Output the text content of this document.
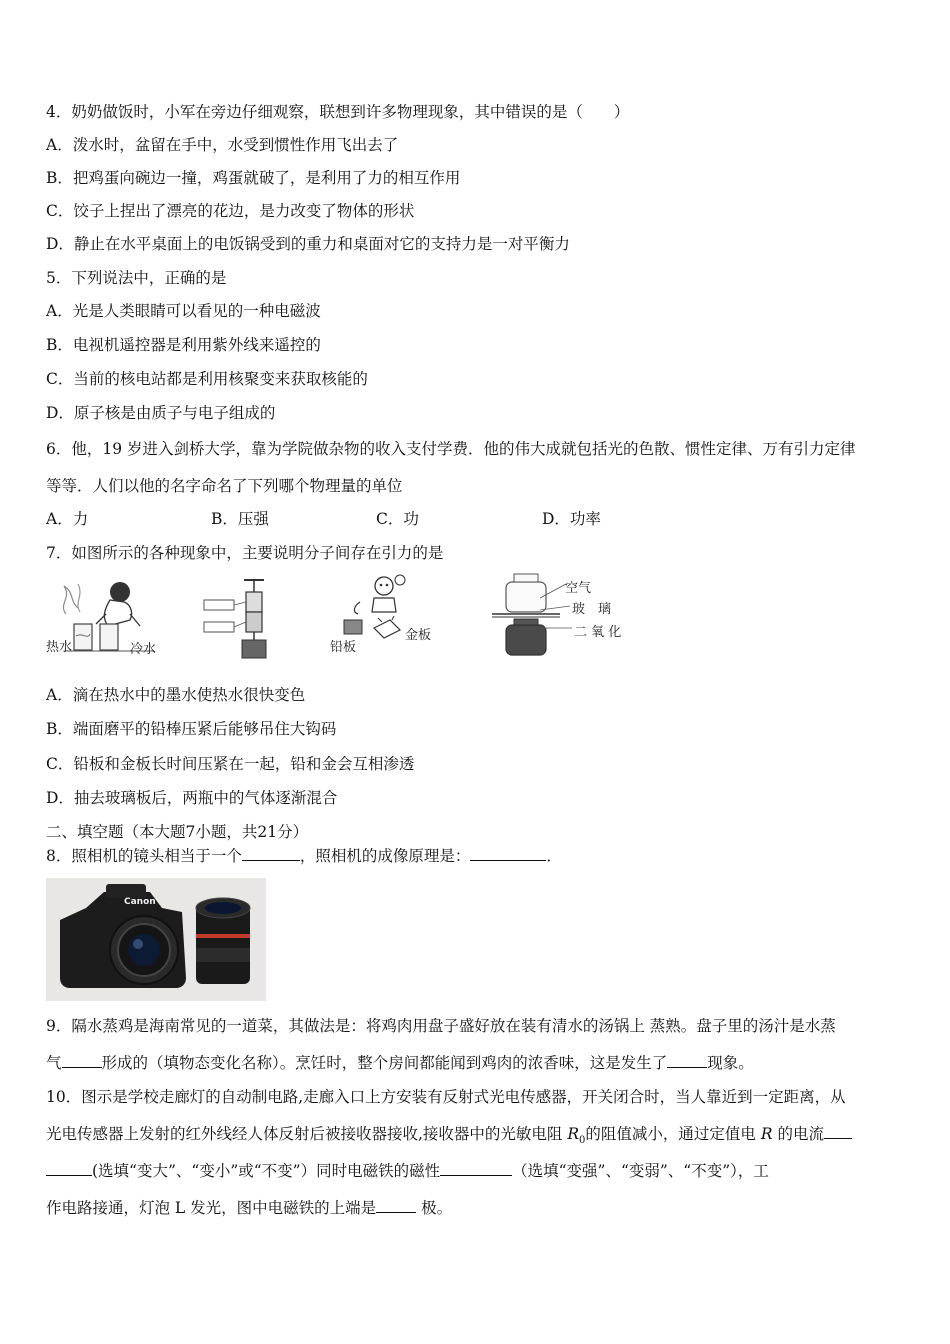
4．奶奶做饭时，小军在旁边仔细观察，联想到许多物理现象，其中错误的是（　　）
A．泼水时，盆留在手中，水受到惯性作用飞出去了
B．把鸡蛋向碗边一撞，鸡蛋就破了，是利用了力的相互作用
C．饺子上捏出了漂亮的花边，是力改变了物体的形状
D．静止在水平桌面上的电饭锅受到的重力和桌面对它的支持力是一对平衡力
5．下列说法中，正确的是
A．光是人类眼睛可以看见的一种电磁波
B．电视机遥控器是利用紫外线来遥控的
C．当前的核电站都是利用核聚变来获取核能的
D．原子核是由质子与电子组成的
6．他，19 岁进入剑桥大学，靠为学院做杂物的收入支付学费．他的伟大成就包括光的色散、惯性定律、万有引力定律
等等．人们以他的名字命名了下列哪个物理量的单位
A．力	B．压强	C．功	D．功率
7．如图所示的各种现象中，主要说明分子间存在引力的是
热水	冷水	铅板
金板
空气
玻　璃
二 氧 化
A．滴在热水中的墨水使热水很快变色
B．端面磨平的铅棒压紧后能够吊住大钩码
C．铅板和金板长时间压紧在一起，铅和金会互相渗透
D．抽去玻璃板后，两瓶中的气体逐渐混合
二、填空题（本大题7小题，共21分）
8．照相机的镜头相当于一个	，照相机的成像原理是：	．
Canon
9．隔水蒸鸡是海南常见的一道菜，其做法是：将鸡肉用盘子盛好放在装有清水的汤锅上 蒸熟。盘子里的汤汁是水蒸
气	形成的（填物态变化名称）。烹饪时，整个房间都能闻到鸡肉的浓香味，这是发生了	现象。
10．图示是学校走廊灯的自动制电路,走廊入口上方安装有反射式光电传感器，开关闭合时，当人靠近到一定距离，从
光电传感器上发射的红外线经人体反射后被接收器接收,接收器中的光敏电阻 $R_0$的阻值减小，通过定值电 R 的电流
(选填“变大”、“变小”或“不变”）同时电磁铁的磁性	（选填“变强”、“变弱”、“不变”），工
作电路接通，灯泡 L 发光，图中电磁铁的上端是	极。
